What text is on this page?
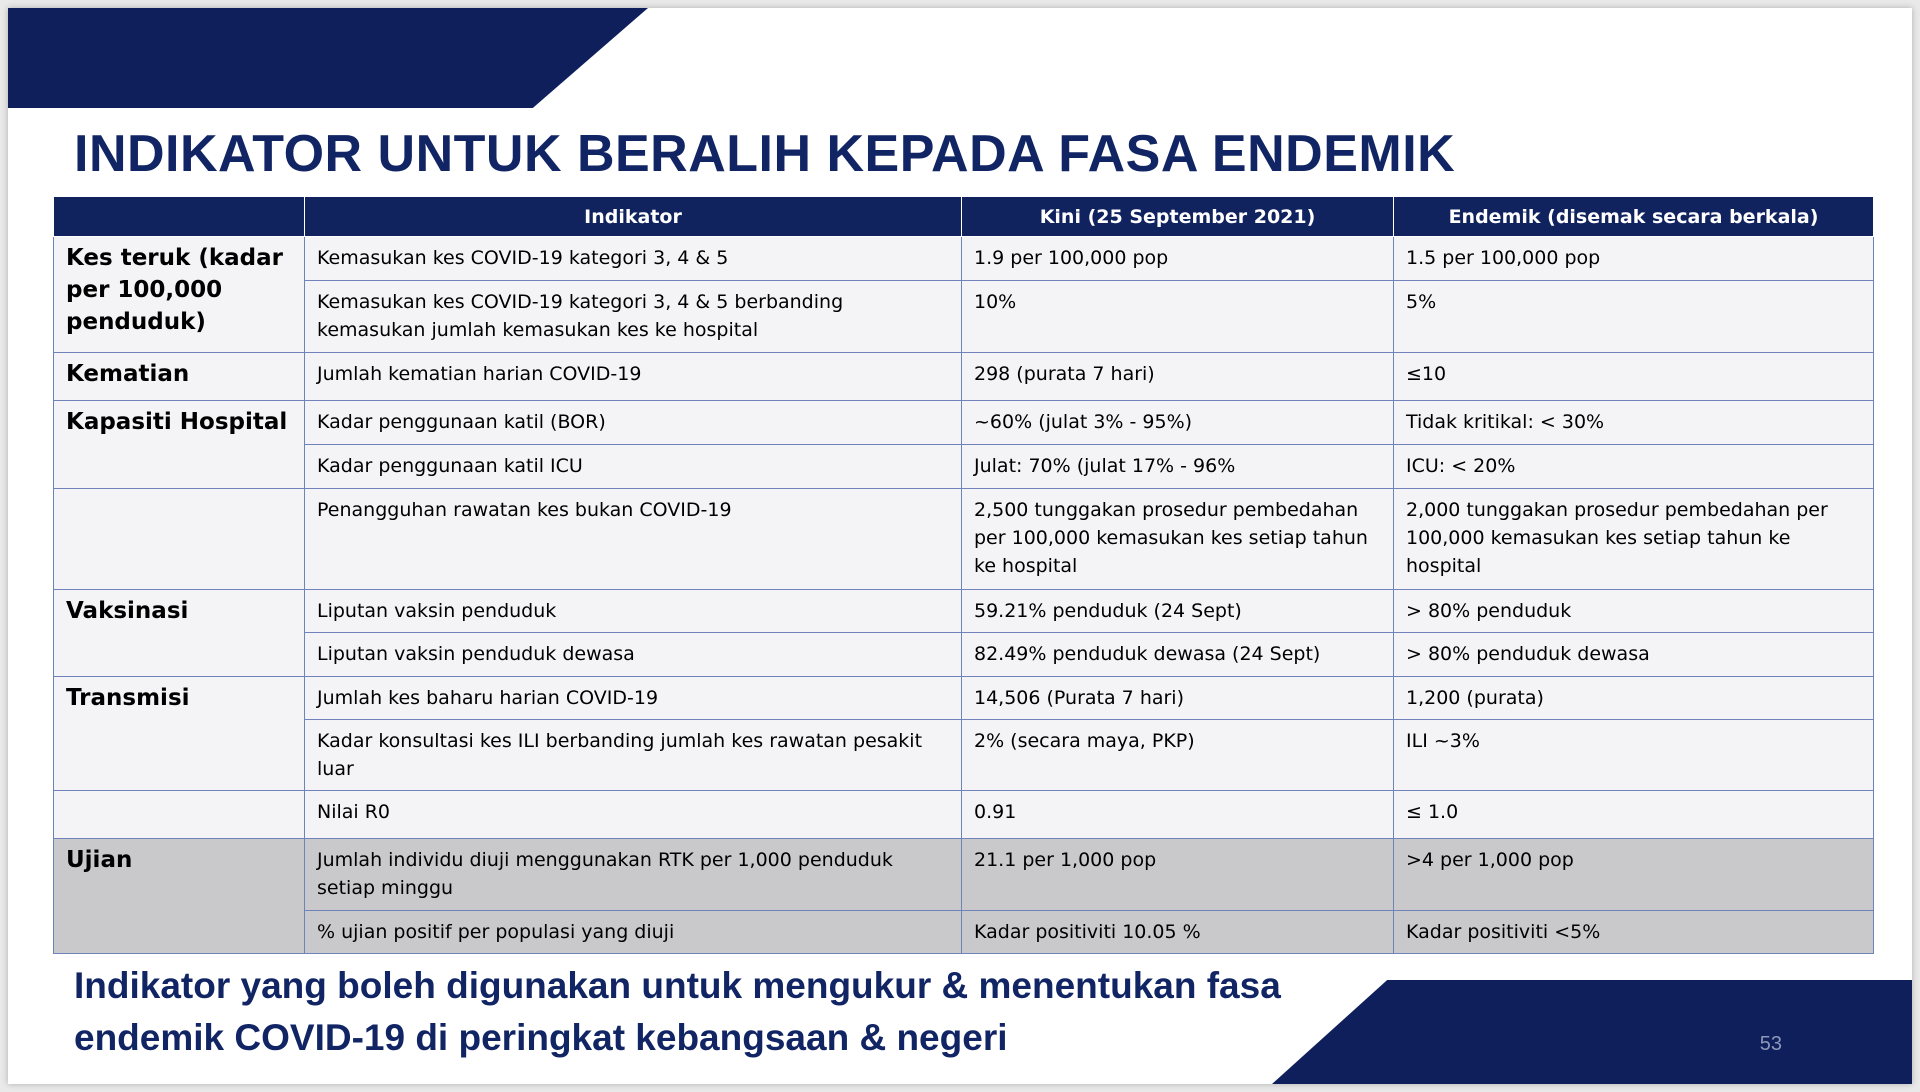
INDIKATOR UNTUK BERALIH KEPADA FASA ENDEMIK
	Indikator	Kini (25 September 2021)	Endemik (disemak secara berkala)
Kes teruk (kadar per 100,000 penduduk)	Kemasukan kes COVID-19 kategori 3, 4 & 5	1.9 per 100,000 pop	1.5 per 100,000 pop
	Kemasukan kes COVID-19 kategori 3, 4 & 5 berbanding kemasukan jumlah kemasukan kes ke hospital	10%	5%
Kematian	Jumlah kematian harian COVID-19	298 (purata 7 hari)	≤10
Kapasiti Hospital	Kadar penggunaan katil (BOR)	~60% (julat 3% - 95%)	Tidak kritikal: < 30%
	Kadar penggunaan katil ICU	Julat: 70% (julat 17% - 96%	ICU: < 20%
	Penangguhan rawatan kes bukan COVID-19	2,500 tunggakan prosedur pembedahan per 100,000 kemasukan kes setiap tahun ke hospital	2,000 tunggakan prosedur pembedahan per 100,000 kemasukan kes setiap tahun ke hospital
Vaksinasi	Liputan vaksin penduduk	59.21% penduduk (24 Sept)	> 80% penduduk
	Liputan vaksin penduduk dewasa	82.49% penduduk dewasa (24 Sept)	> 80% penduduk dewasa
Transmisi	Jumlah kes baharu harian COVID-19	14,506 (Purata 7 hari)	1,200 (purata)
	Kadar konsultasi kes ILI berbanding jumlah kes rawatan pesakit luar	2% (secara maya, PKP)	ILI ~3%
	Nilai R0	0.91	≤ 1.0
Ujian	Jumlah individu diuji menggunakan RTK per 1,000 penduduk setiap minggu	21.1 per 1,000 pop	>4 per 1,000 pop
	% ujian positif per populasi yang diuji	Kadar positiviti 10.05 %	Kadar positiviti <5%

Indikator yang boleh digunakan untuk mengukur & menentukan fasa endemik COVID-19 di peringkat kebangsaan & negeri	53
